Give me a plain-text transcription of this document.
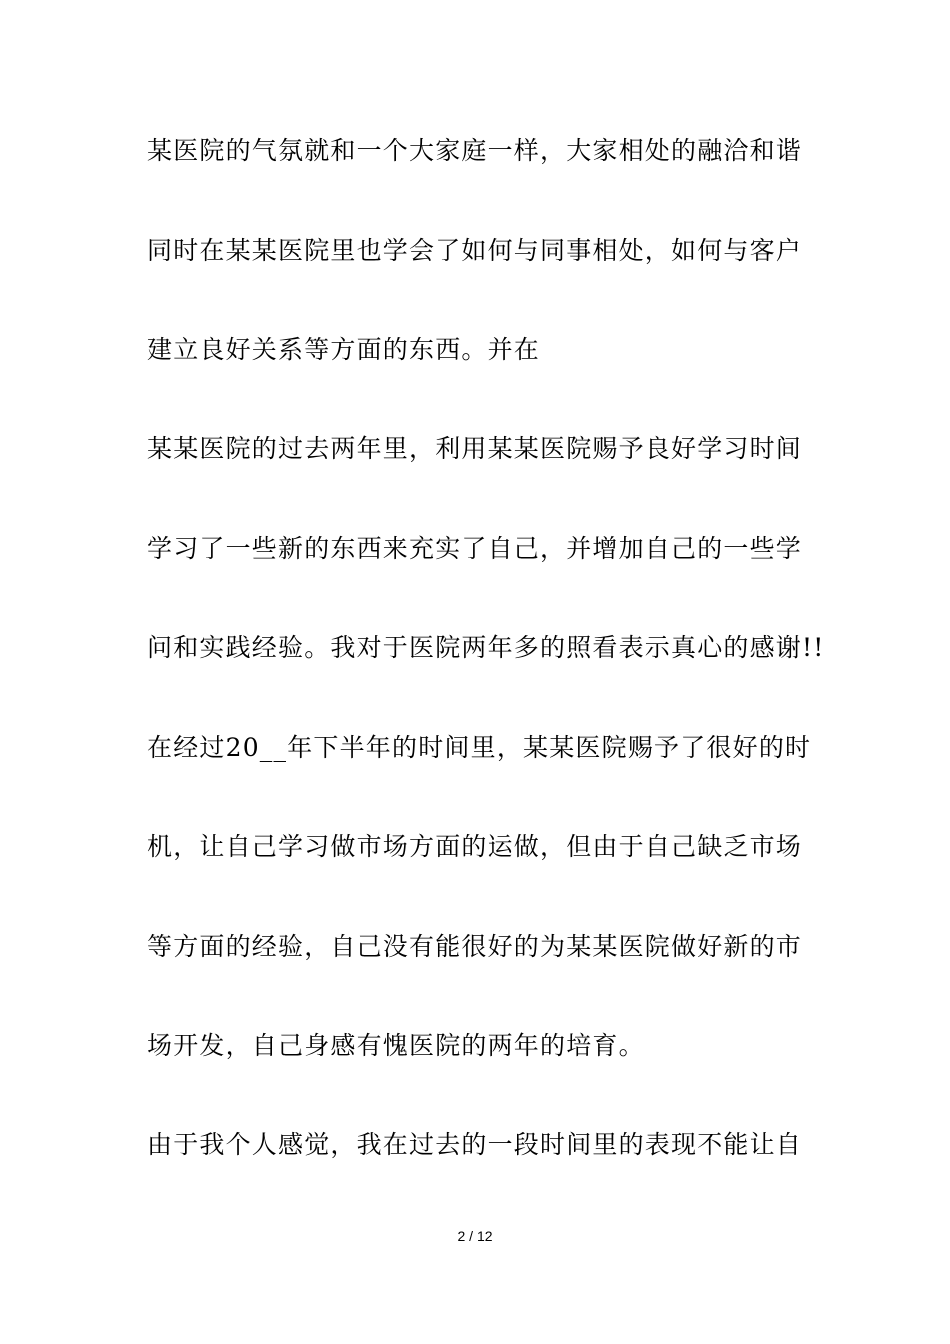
某医院的气氛就和一个大家庭一样，大家相处的融洽和谐
同时在某某医院里也学会了如何与同事相处，如何与客户
建立良好关系等方面的东西。并在
某某医院的过去两年里，利用某某医院赐予良好学习时间
学习了一些新的东西来充实了自己，并增加自己的一些学
问和实践经验。我对于医院两年多的照看表示真心的感谢!!
在经过20__年下半年的时间里，某某医院赐予了很好的时
机，让自己学习做市场方面的运做，但由于自己缺乏市场
等方面的经验，自己没有能很好的为某某医院做好新的市
场开发，自己身感有愧医院的两年的培育。
由于我个人感觉，我在过去的一段时间里的表现不能让自
2 / 12
